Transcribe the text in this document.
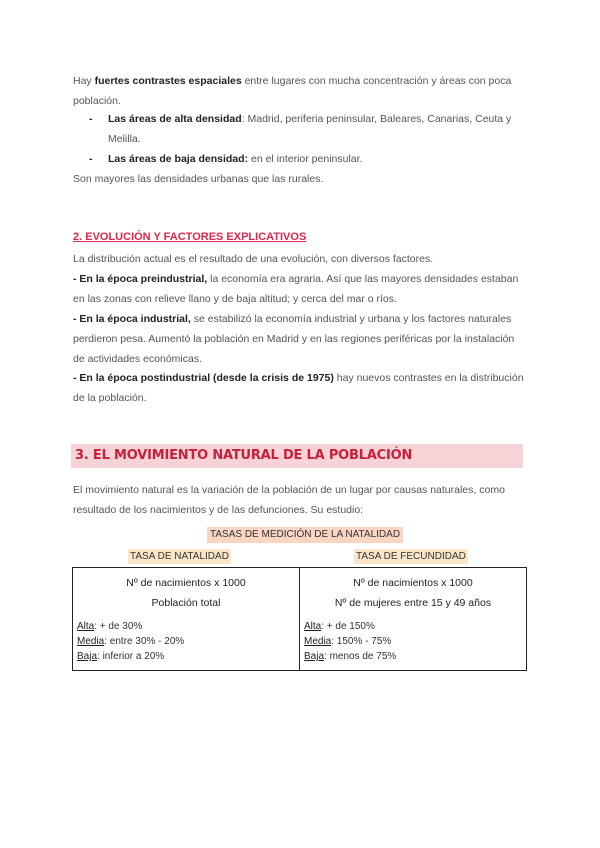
Hay fuertes contrastes espaciales entre lugares con mucha concentración y áreas con poca población.

- Las áreas de alta densidad: Madrid, periferia peninsular, Baleares, Canarias, Ceuta y Melilla.
- Las áreas de baja densidad: en el interior peninsular.

Son mayores las densidades urbanas que las rurales.

2. EVOLUCIÓN Y FACTORES EXPLICATIVOS

La distribución actual es el resultado de una evolución, con diversos factores.

- En la época preindustrial, la economía era agraria. Así que las mayores densidades estaban en las zonas con relieve llano y de baja altitud; y cerca del mar o ríos.

- En la época industrial, se estabilizó la economía industrial y urbana y los factores naturales perdieron pesa. Aumentó la población en Madrid y en las regiones periféricas por la instalación de actividades económicas.

- En la época postindustrial (desde la crisis de 1975) hay nuevos contrastes en la distribución de la población.

3. EL MOVIMIENTO NATURAL DE LA POBLACIÓN

El movimiento natural es la variación de la población de un lugar por causas naturales, como resultado de los nacimientos y de las defunciones. Su estudio:

TASAS DE MEDICIÓN DE LA NATALIDAD
TASA DE NATALIDAD	TASA DE FECUNDIDAD
Nº de nacimientos x 1000
Población total
Alta: + de 30%
Media: entre 30% - 20%
Baja: inferior a 20%

Nº de nacimientos x 1000
Nº de mujeres entre 15 y 49 años
Alta: + de 150%
Media: 150% - 75%
Baja: menos de 75%
